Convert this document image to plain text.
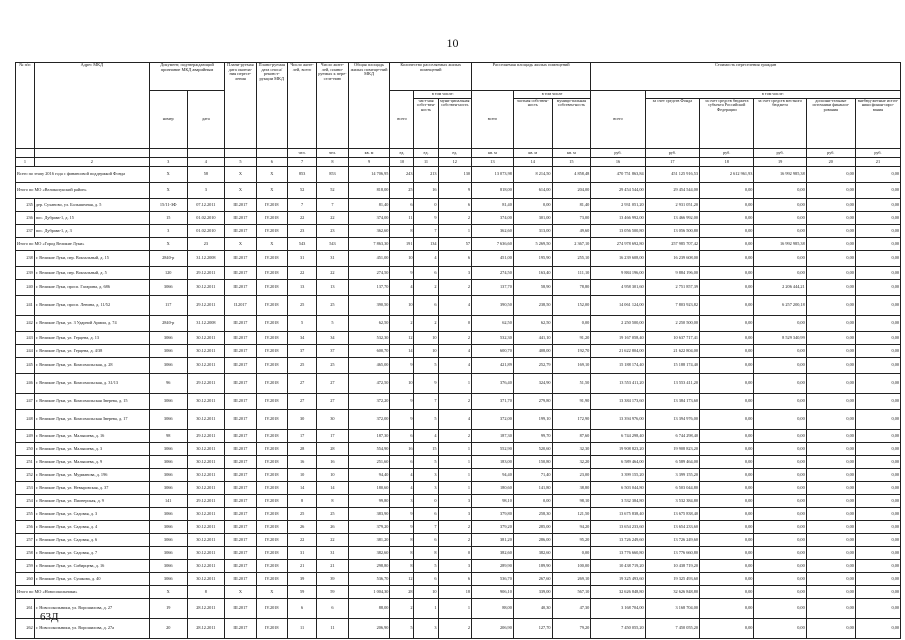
10
№ п/п	Адрес МКД	Документ, подтверждающий признание МКД аварийным		Плани-руемая дата оконча-ния пересе-ления	Плани-руемая дата сноса/ реконст-рукции МКД	Число жите-лей, всего	Число жите-лей, плани-руемых к пере-селе-нию	Общая площадь жилых помеще-ний МКД	Количество расселяемых жилых помещений			Расселяемая площадь жилых помещений			Стоимость переселения граждан					
		номер	дата						всего	в том числе:		всего	в том числе		всего	в том числе:				
										част-ная собст-вен-ность	муни-ципальная собствен-ность		частная собствен-ность	муници-пальная собствен-ность		за счет средств Фонда	за счет средств бюджета субъекта Российской Федерации	за счет средств местного бюджета	дополни-тельные источники финанси-рования	внебюд-жетные источ-ники финан-сиро-вания
						чел.	чел.	кв. м	ед.	ед.	ед.	кв. м	кв. м	кв. м	руб.	руб.	руб.	руб.	руб.	руб.
1	2	3	4	5	6	7	8	9	10	11	12	13	14	15	16	17	18	19	20	21
Всего по этапу 2016 года с финансовой поддержкой Фонда		X	58	X	X	853	853	14 706,95	243	213	130	13 073,98	8 214,50	4 858,48	470 751 863,84	451 125 916,53	2 612 961,93	16 992 985,38	0,00	0,00
Итого по МО «Великолукский район»		X	3	X	X	52	52	818,00	25	16	9	818,00	614,00	204,00	29 454 544,00	29 454 544,00	0,00	0,00	0,00	0,00
235	дер. Суханово, ул. Большичная, д. 5	15/11-ЗФ	07.12.2011	III.2017	IV.2018	7	7	81,40	6	0	6	81,40	0,00	81,40	2 931 051,20	2 931 051,20	0,00	0,00	0,00	0,00
236	пос. Дубрава-1, д. 15	15	01.02.2010	III.2017	IV.2018	22	22	374,00	11	9	2	374,00	301,00	73,00	13 466 992,00	13 466 992,00	0,00	0,00	0,00	0,00
237	пос. Дубрава-1, д. 3	3	01.02.2010	III.2017	IV.2018	23	23	362,60	8	7	1	362,60	313,00	49,60	13 056 500,80	13 056 500,80	0,00	0,00	0,00	0,00
Итого по МО «Город Великие Луки»		X	23	X	X	543	543	7 863,30	191	134	57	7 636,60	5 269,50	2 367,10	274 978 692,80	257 985 707,42	0,00	16 992 985,38	0,00	0,00
238	г. Великие Луки, пер. Вокзальный, д. 15	2840-р	31.12.2008	III.2017	IV.2018	31	31	451,00	10	4	6	451,00	195,90	255,10	16 239 608,00	16 239 608,00	0,00	0,00	0,00	0,00
239	г. Великие Луки, пер. Вокзальный, д. 5	120	29.12.2011	III.2017	IV.2018	22	22	274,50	9	6	3	274,50	163,40	111,10	9 884 196,00	9 884 196,00	0,00	0,00	0,00	0,00
240	г. Великие Луки, просп. Гагарина, д. 686	3066	30.12.2011	III.2017	IV.2018	13	13	137,70	4	2	2	137,70	58,90	78,80	4 958 301,60	2 751 857,39	0,00	2 206 444,21	0,00	0,00
241	г. Великие Луки, просп. Ленина, д. 11/52	117	29.12.2011	II.2017	IV.2018	25	25	390,50	10	6	4	390,50	238,50	152,00	14 061 124,00	7 803 923,82	0,00	6 257 200,18	0,00	0,00
242	г. Великие Луки, ул. 3 Ударной Армии, д. 74	2840-р	31.12.2008	III.2017	IV.2018	5	5	62,50	2	2	0	62,50	62,50	0,00	2 250 500,00	2 250 500,00	0,00	0,00	0,00	0,00
243	г. Великие Луки, ул. Герцена, д. 13	3066	30.12.2011	III.2017	IV.2018	34	34	532,30	12	10	2	532,30	441,10	91,20	19 167 058,40	10 637 717,41	0,00	8 529 340,99	0,00	0,00
244	г. Великие Луки, ул. Герцена, д. 4/38	3066	30.12.2011	III.2017	IV.2018	37	37	600,70	14	10	4	600,70	408,00	192,70	21 622 804,00	21 622 804,00	0,00	0,00	0,00	0,00
245	г. Великие Луки, ул. Комсомольская, д. 28	3066	30.12.2011	III.2017	IV.2018	25	25	465,00	9	5	4	421,89	252,79	169,10	15 188 174,40	15 188 174,40	0,00	0,00	0,00	0,00
246	г. Великие Луки, ул. Комсомольская, д. 31/13	96	29.12.2011	III.2017	IV.2018	27	27	472,50	10	9	1	376,40	324,90	51,50	13 553 411,20	13 553 411,20	0,00	0,00	0,00	0,00
247	г. Великие Луки, ул. Комсомольская Зверева, д. 15	3066	30.12.2011	III.2017	IV.2018	27	27	372,20	9	7	2	371,70	279,80	91,90	13 384 173,60	13 384 173,60	0,00	0,00	0,00	0,00
248	г. Великие Луки, ул. Комсомольская Зверева, д. 17	3066	30.12.2011	III.2017	IV.2018	30	30	372,00	9	5	4	372,00	199,10	172,90	13 394 976,00	13 394 976,00	0,00	0,00	0,00	0,00
249	г. Великие Луки, ул. Малышева, д. 16	98	29.12.2011	III.2017	IV.2018	17	17	187,30	6	4	2	187,30	99,70	87,60	6 744 298,40	6 744 298,40	0,00	0,00	0,00	0,00
250	г. Великие Луки, ул. Малышева, д. 3	3066	30.12.2011	III.2017	IV.2018	28	28	554,90	16	15	1	552,90	520,60	32,30	19 908 823,20	19 908 823,20	0,00	0,00	0,00	0,00
251	г. Великие Луки, ул. Малышева, д. 9	3066	30.12.2011	III.2017	IV.2018	16	16	251,60	6	5	1	183,00	150,80	32,20	6 589 464,00	6 589 464,00	0,00	0,00	0,00	0,00
252	г. Великие Луки, ул. Мурманова, д. 196	3066	30.12.2011	III.2017	IV.2018	10	10	94,40	4	3	1	94,40	71,40	23,00	3 399 155,20	3 399 155,20	0,00	0,00	0,00	0,00
253	г. Великие Луки, ул. Невыровская, д. 37	3066	30.12.2011	III.2017	IV.2018	14	14	180,60	4	3	1	180,60	141,80	38,80	6 503 044,80	6 503 044,80	0,00	0,00	0,00	0,00
254	г. Великие Луки, ул. Пионерская, д. 9	141	29.12.2011	III.2017	IV.2018	8	8	99,80	3	0	3	98,10	0,00	98,10	3 532 384,80	3 532 384,80	0,00	0,00	0,00	0,00
255	г. Великие Луки, ул. Садовая, д. 3	3066	30.12.2011	III.2017	IV.2018	25	25	383,90	9	6	3	379,80	258,30	121,50	13 675 838,40	13 675 838,40	0,00	0,00	0,00	0,00
256	г. Великие Луки, ул. Садовая, д. 4	3066	30.12.2011	III.2017	IV.2018	26	26	379,20	9	7	2	379,20	285,00	94,20	13 654 233,60	13 654 233,60	0,00	0,00	0,00	0,00
257	г. Великие Луки, ул. Садовая, д. 6	3066	30.12.2011	III.2017	IV.2018	22	22	381,20	8	6	2	381,20	286,00	95,20	13 726 249,60	13 726 249,60	0,00	0,00	0,00	0,00
258	г. Великие Луки, ул. Садовая, д. 7	3066	30.12.2011	III.2017	IV.2018	31	31	382,60	8	8	0	382,60	382,60	0,00	13 776 660,80	13 776 660,80	0,00	0,00	0,00	0,00
259	г. Великие Луки, ул. Сибирцева, д. 16	3066	30.12.2011	III.2017	IV.2018	21	21	298,80	8	5	3	289,90	189,90	100,00	10 438 719,20	10 438 719,20	0,00	0,00	0,00	0,00
260	г. Великие Луки, ул. Сушкова, д. 40	3066	30.12.2011	III.2017	IV.2018	39	39	536,70	12	6	6	536,70	267,60	269,10	19 325 493,60	19 325 493,60	0,00	0,00	0,00	0,00
Итого по МО «Новосокольники»		X	8	X	X	59	59	1 004,30	28	10	18	906,10	339,00	567,10	32 626 848,80	32 626 848,80	0,00	0,00	0,00	0,00
261	г. Новосокольники, ул. Ворошилова, д. 27	19	28.12.2011	III.2017	IV.2018	6	6	88,00	2	1	1	88,00	40,30	47,30	3 168 704,00	3 168 704,00	0,00	0,00	0,00	0,00
262	г. Новосокольники, ул. Ворошилова, д. 27а	20	28.12.2011	III.2017	IV.2018	11	11	206,90	5	3	2	206,90	127,70	79,20	7 450 055,20	7 450 055,20	0,00	0,00	0,00	0,00
63Д
